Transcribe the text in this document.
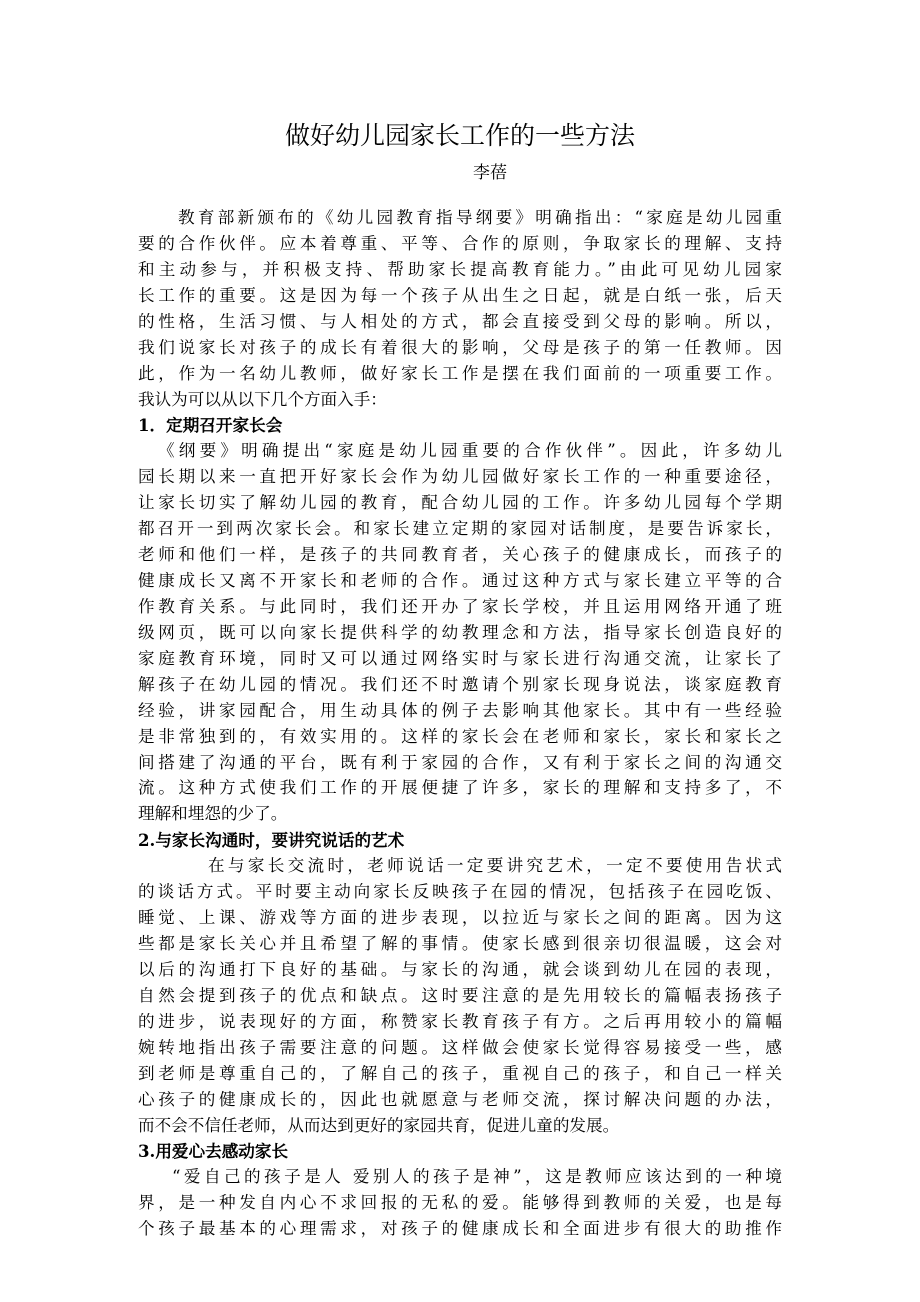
做好幼儿园家长工作的一些方法
李蓓
教育部新颁布的《幼儿园教育指导纲要》明确指出：“家庭是幼儿园重
要的合作伙伴。应本着尊重、平等、合作的原则，争取家长的理解、支持
和主动参与，并积极支持、帮助家长提高教育能力。”由此可见幼儿园家
长工作的重要。这是因为每一个孩子从出生之日起，就是白纸一张，后天
的性格，生活习惯、与人相处的方式，都会直接受到父母的影响。所以，
我们说家长对孩子的成长有着很大的影响，父母是孩子的第一任教师。因
此，作为一名幼儿教师，做好家长工作是摆在我们面前的一项重要工作。
我认为可以从以下几个方面入手：
1．定期召开家长会
《纲要》明确提出“家庭是幼儿园重要的合作伙伴”。因此，许多幼儿
园长期以来一直把开好家长会作为幼儿园做好家长工作的一种重要途径，
让家长切实了解幼儿园的教育，配合幼儿园的工作。许多幼儿园每个学期
都召开一到两次家长会。和家长建立定期的家园对话制度，是要告诉家长，
老师和他们一样，是孩子的共同教育者，关心孩子的健康成长，而孩子的
健康成长又离不开家长和老师的合作。通过这种方式与家长建立平等的合
作教育关系。与此同时，我们还开办了家长学校，并且运用网络开通了班
级网页，既可以向家长提供科学的幼教理念和方法，指导家长创造良好的
家庭教育环境，同时又可以通过网络实时与家长进行沟通交流，让家长了
解孩子在幼儿园的情况。我们还不时邀请个别家长现身说法，谈家庭教育
经验，讲家园配合，用生动具体的例子去影响其他家长。其中有一些经验
是非常独到的，有效实用的。这样的家长会在老师和家长，家长和家长之
间搭建了沟通的平台，既有利于家园的合作，又有利于家长之间的沟通交
流。这种方式使我们工作的开展便捷了许多，家长的理解和支持多了，不
理解和埋怨的少了。
2.与家长沟通时，要讲究说话的艺术
在与家长交流时，老师说话一定要讲究艺术，一定不要使用告状式
的谈话方式。平时要主动向家长反映孩子在园的情况，包括孩子在园吃饭、
睡觉、上课、游戏等方面的进步表现，以拉近与家长之间的距离。因为这
些都是家长关心并且希望了解的事情。使家长感到很亲切很温暖，这会对
以后的沟通打下良好的基础。与家长的沟通，就会谈到幼儿在园的表现，
自然会提到孩子的优点和缺点。这时要注意的是先用较长的篇幅表扬孩子
的进步，说表现好的方面，称赞家长教育孩子有方。之后再用较小的篇幅
婉转地指出孩子需要注意的问题。这样做会使家长觉得容易接受一些，感
到老师是尊重自己的，了解自己的孩子，重视自己的孩子，和自己一样关
心孩子的健康成长的，因此也就愿意与老师交流，探讨解决问题的办法，
而不会不信任老师，从而达到更好的家园共育，促进儿童的发展。
3.用爱心去感动家长
“爱自己的孩子是人 爱别人的孩子是神”，这是教师应该达到的一种境
界，是一种发自内心不求回报的无私的爱。能够得到教师的关爱，也是每
个孩子最基本的心理需求，对孩子的健康成长和全面进步有很大的助推作
